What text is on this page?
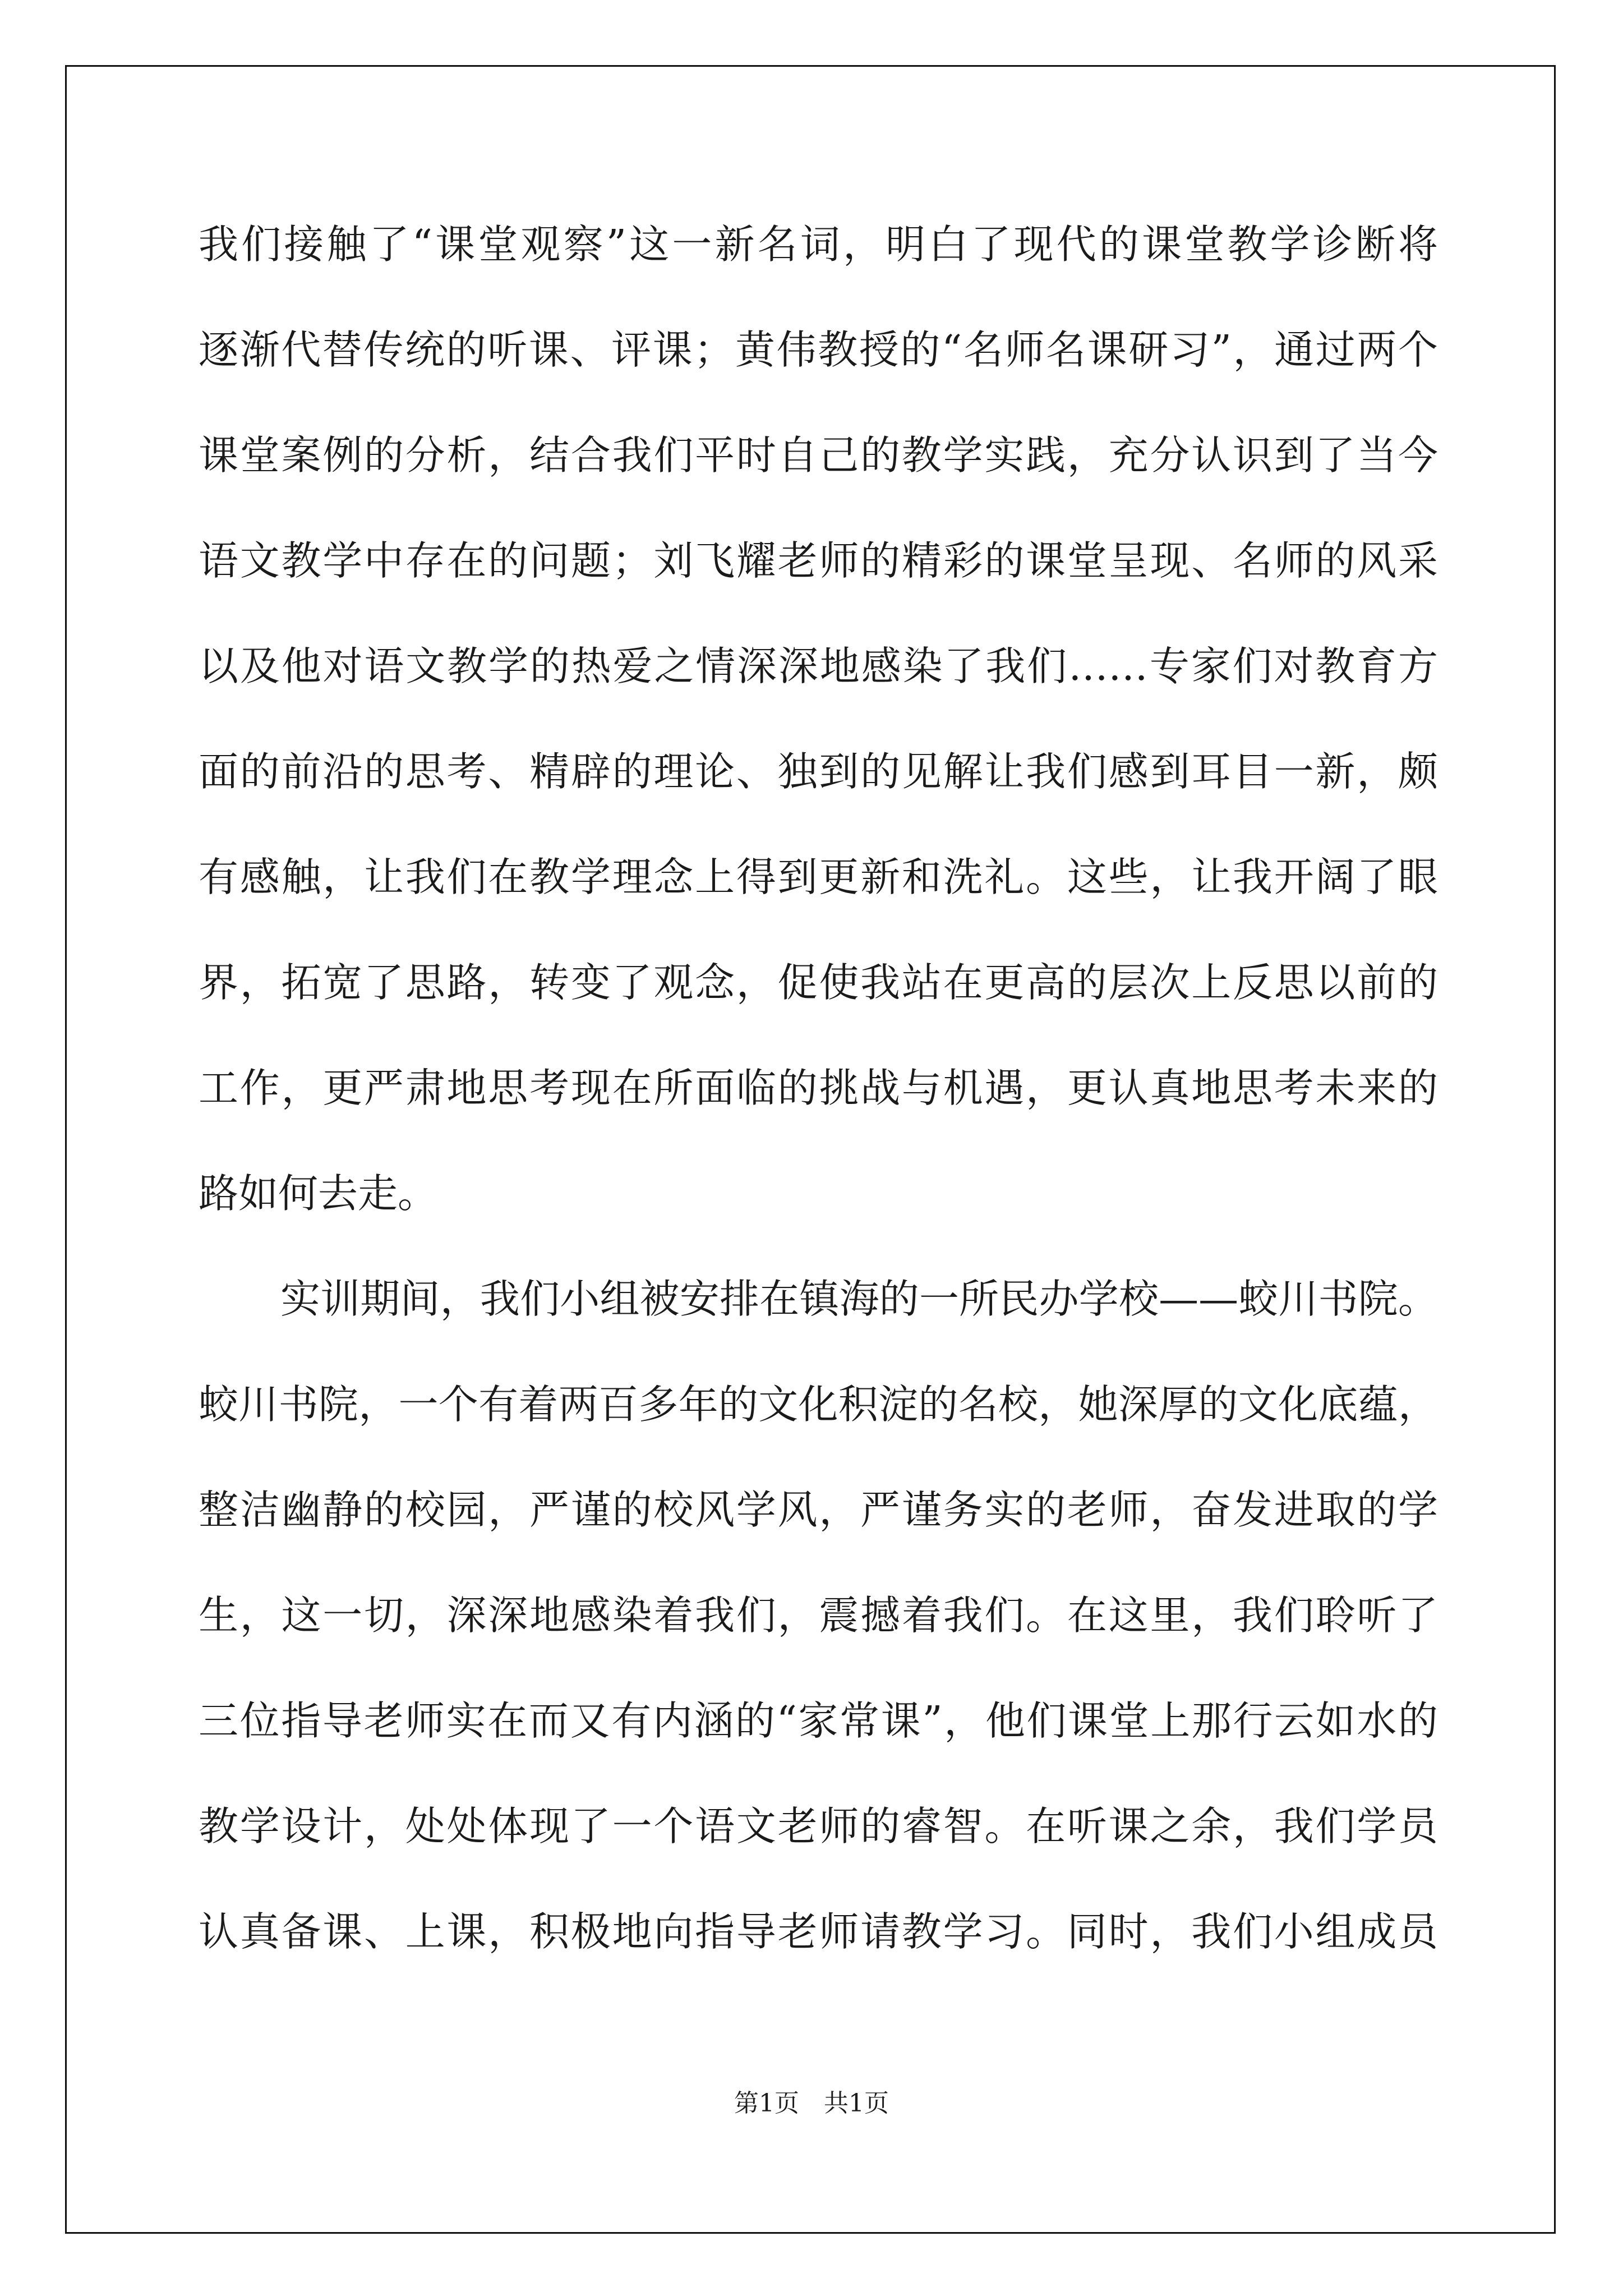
我们接触了“课堂观察”这一新名词，明白了现代的课堂教学诊断将

逐渐代替传统的听课、评课；黄伟教授的“名师名课研习”，通过两个

课堂案例的分析，结合我们平时自己的教学实践，充分认识到了当今

语文教学中存在的问题；刘飞耀老师的精彩的课堂呈现、名师的风采

以及他对语文教学的热爱之情深深地感染了我们……专家们对教育方

面的前沿的思考、精辟的理论、独到的见解让我们感到耳目一新，颇

有感触，让我们在教学理念上得到更新和洗礼。这些，让我开阔了眼

界，拓宽了思路，转变了观念，促使我站在更高的层次上反思以前的

工作，更严肃地思考现在所面临的挑战与机遇，更认真地思考未来的

路如何去走。

实训期间，我们小组被安排在镇海的一所民办学校——蛟川书院。

蛟川书院，一个有着两百多年的文化积淀的名校，她深厚的文化底蕴，

整洁幽静的校园，严谨的校风学风，严谨务实的老师，奋发进取的学

生，这一切，深深地感染着我们，震撼着我们。在这里，我们聆听了

三位指导老师实在而又有内涵的“家常课”，他们课堂上那行云如水的

教学设计，处处体现了一个语文老师的睿智。在听课之余，我们学员

认真备课、上课，积极地向指导老师请教学习。同时，我们小组成员

第1页　共1页
